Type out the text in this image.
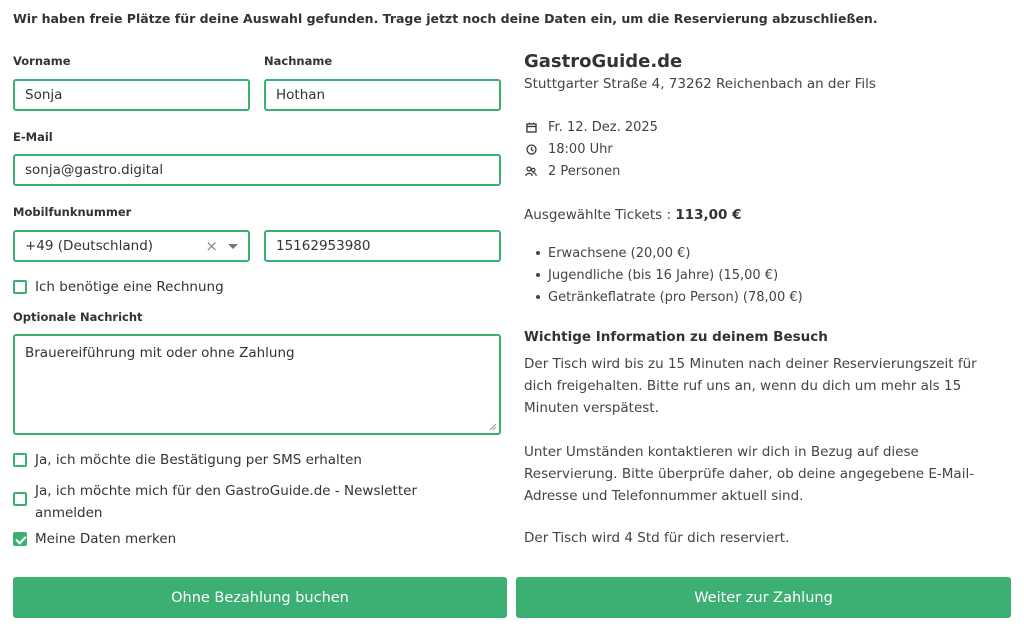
Wir haben freie Plätze für deine Auswahl gefunden. Trage jetzt noch deine Daten ein, um die Reservierung abzuschließen.
Vorname
Sonja
Nachname
Hothan
E-Mail
sonja@gastro.digital
Mobilfunknummer
+49 (Deutschland)	×	15162953980
Ich benötige eine Rechnung
Optionale Nachricht
Brauereiführung mit oder ohne Zahlung
Ja, ich möchte die Bestätigung per SMS erhalten
Ja, ich möchte mich für den GastroGuide.de - Newsletter anmelden
Meine Daten merken
GastroGuide.de
Stuttgarter Straße 4, 73262 Reichenbach an der Fils
Fr. 12. Dez. 2025
18:00 Uhr
2 Personen
Ausgewählte Tickets : 113,00 €
Erwachsene (20,00 €)
Jugendliche (bis 16 Jahre) (15,00 €)
Getränkeflatrate (pro Person) (78,00 €)
Wichtige Information zu deinem Besuch
Der Tisch wird bis zu 15 Minuten nach deiner Reservierungszeit für dich freigehalten. Bitte ruf uns an, wenn du dich um mehr als 15 Minuten verspätest.
Unter Umständen kontaktieren wir dich in Bezug auf diese Reservierung. Bitte überprüfe daher, ob deine angegebene E-Mail-Adresse und Telefonnummer aktuell sind.
Der Tisch wird 4 Std für dich reserviert.
Ohne Bezahlung buchen	Weiter zur Zahlung
